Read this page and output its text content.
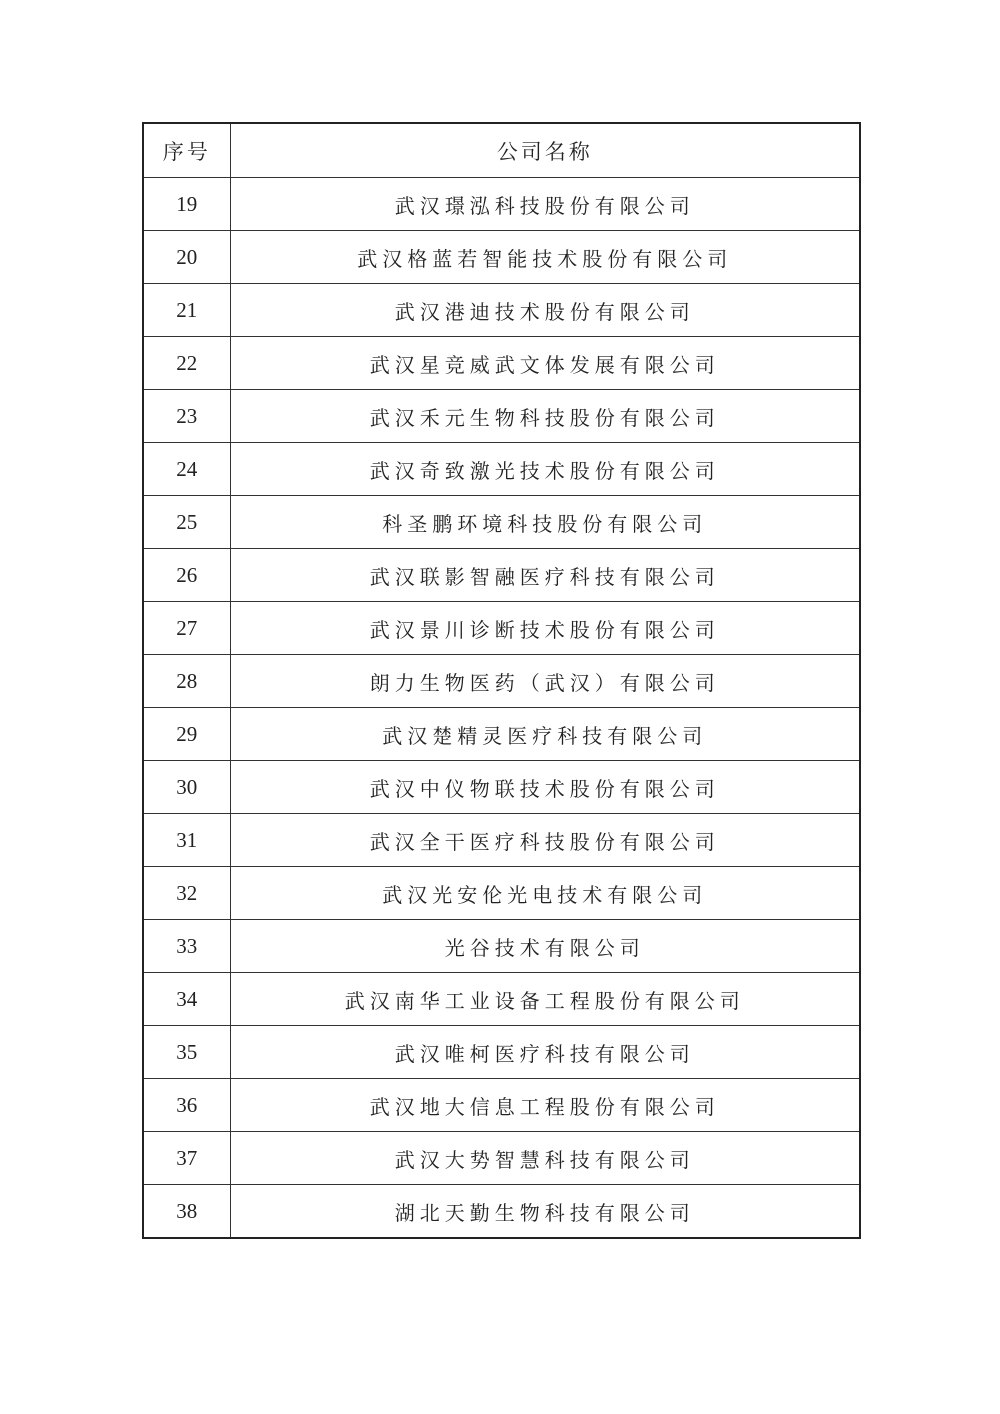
序号	公司名称
19	武汉璟泓科技股份有限公司
20	武汉格蓝若智能技术股份有限公司
21	武汉港迪技术股份有限公司
22	武汉星竞威武文体发展有限公司
23	武汉禾元生物科技股份有限公司
24	武汉奇致激光技术股份有限公司
25	科圣鹏环境科技股份有限公司
26	武汉联影智融医疗科技有限公司
27	武汉景川诊断技术股份有限公司
28	朗力生物医药（武汉）有限公司
29	武汉楚精灵医疗科技有限公司
30	武汉中仪物联技术股份有限公司
31	武汉全干医疗科技股份有限公司
32	武汉光安伦光电技术有限公司
33	光谷技术有限公司
34	武汉南华工业设备工程股份有限公司
35	武汉唯柯医疗科技有限公司
36	武汉地大信息工程股份有限公司
37	武汉大势智慧科技有限公司
38	湖北天勤生物科技有限公司
